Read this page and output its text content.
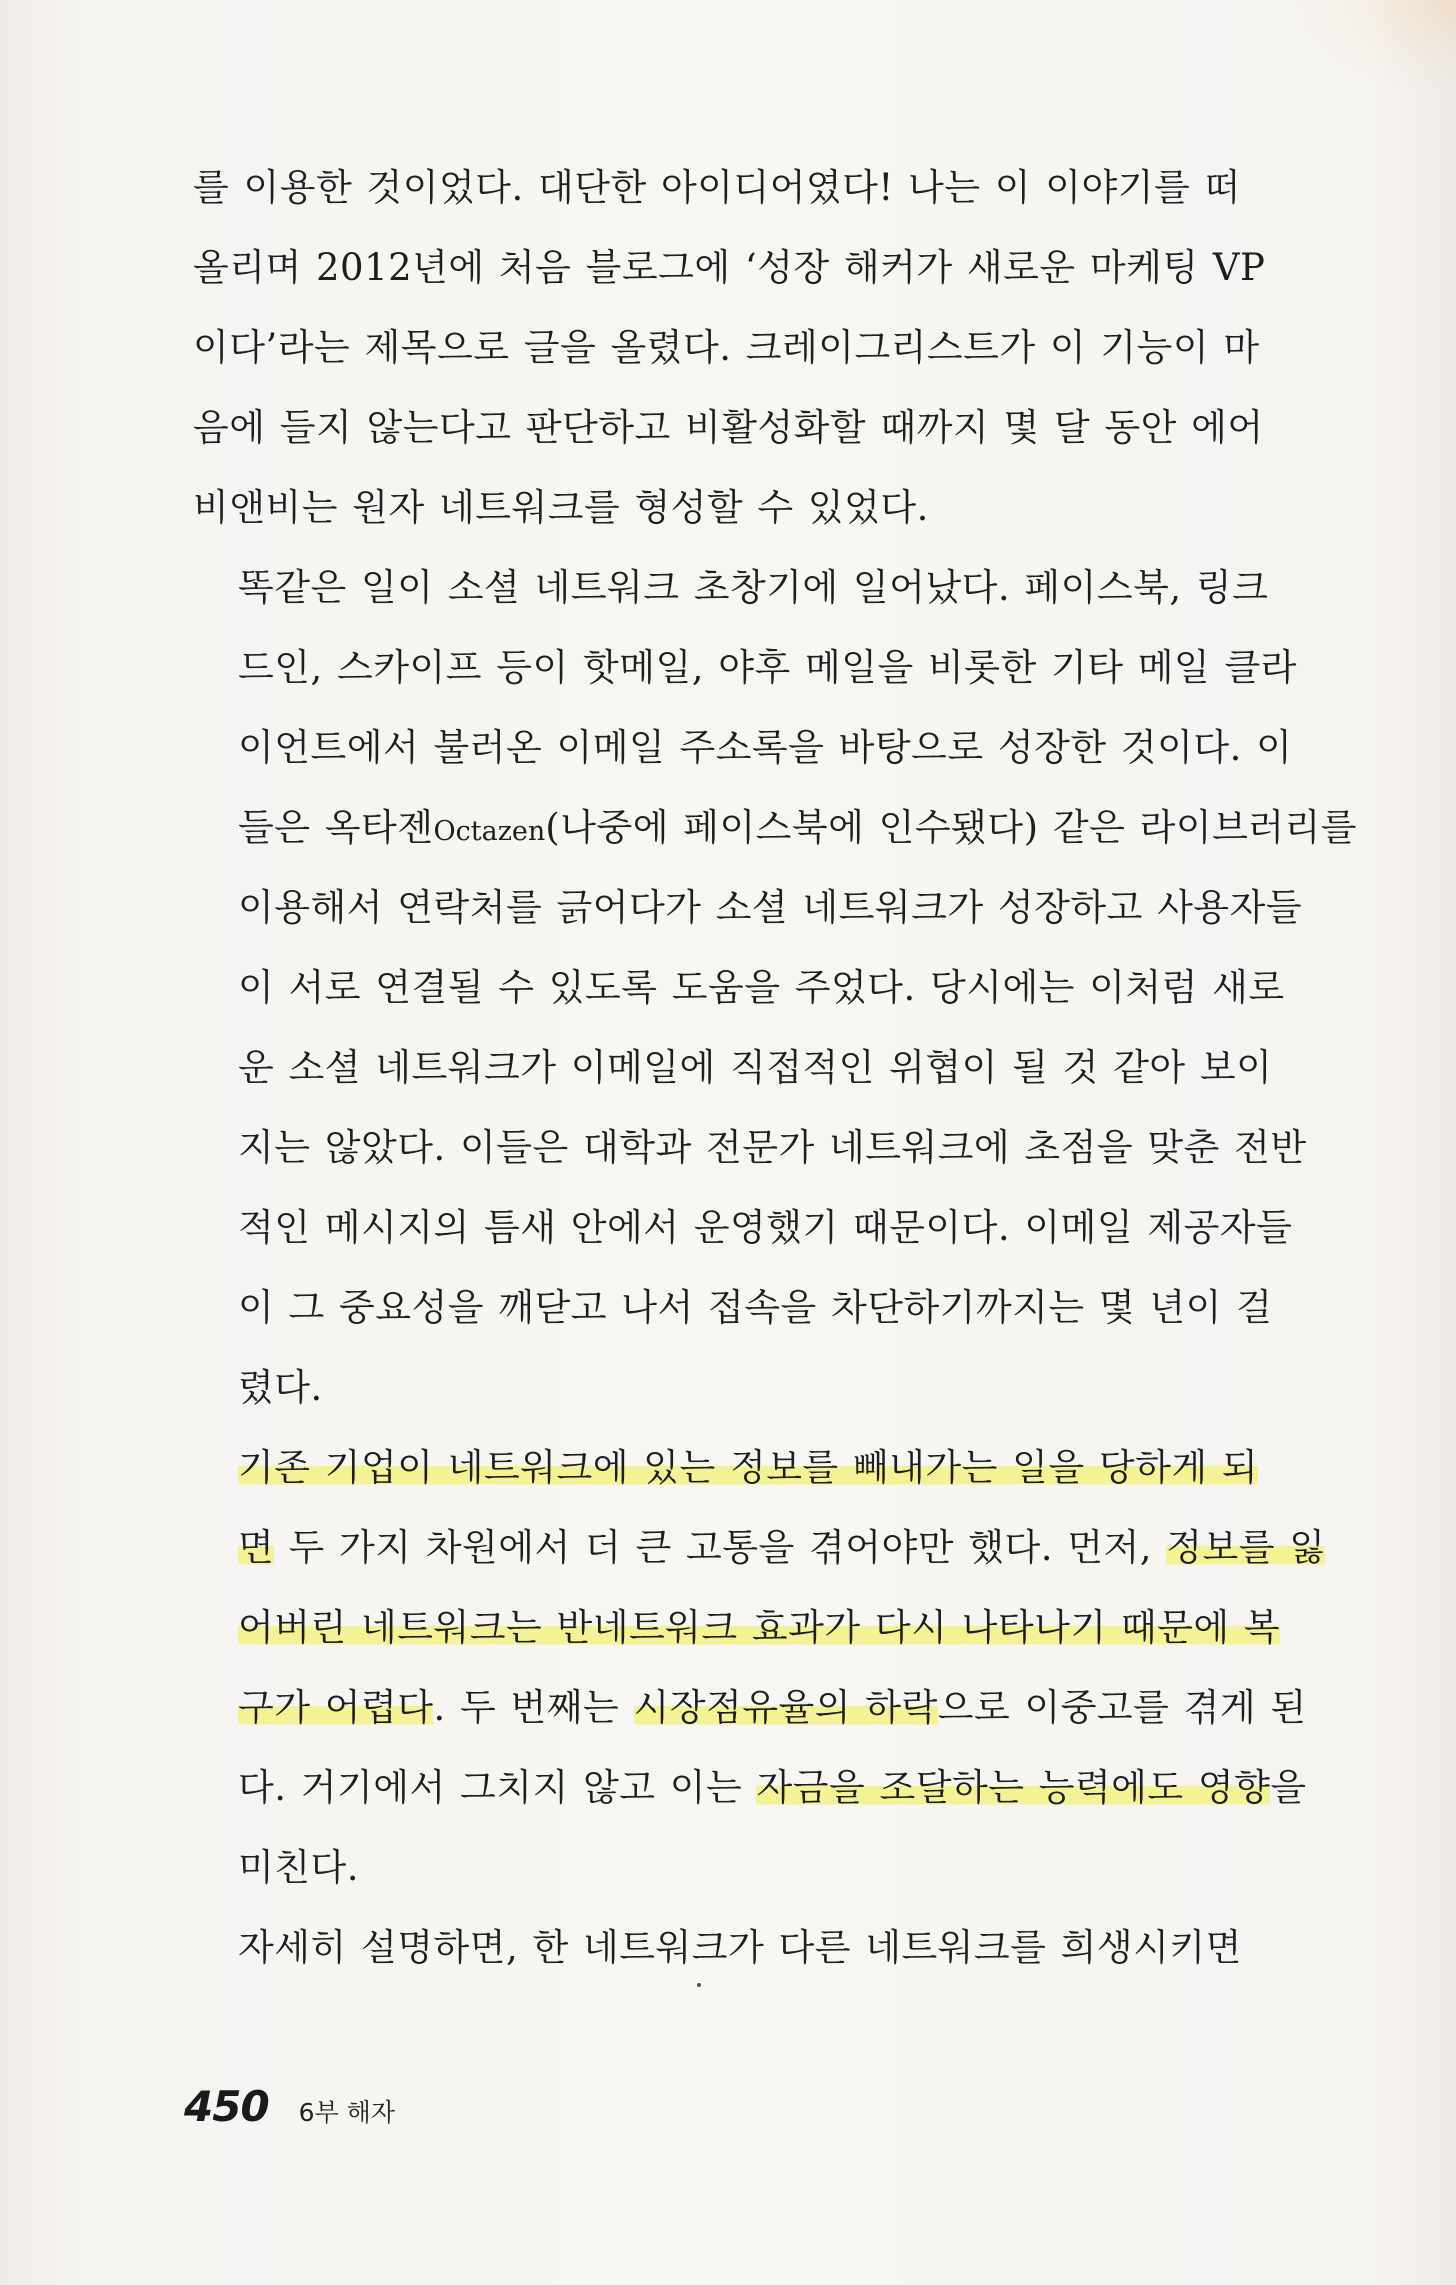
를 이용한 것이었다. 대단한 아이디어였다! 나는 이 이야기를 떠
올리며 2012년에 처음 블로그에 ‘성장 해커가 새로운 마케팅 VP
이다’라는 제목으로 글을 올렸다. 크레이그리스트가 이 기능이 마
음에 들지 않는다고 판단하고 비활성화할 때까지 몇 달 동안 에어
비앤비는 원자 네트워크를 형성할 수 있었다.

똑같은 일이 소셜 네트워크 초창기에 일어났다. 페이스북, 링크
드인, 스카이프 등이 핫메일, 야후 메일을 비롯한 기타 메일 클라
이언트에서 불러온 이메일 주소록을 바탕으로 성장한 것이다. 이
들은 옥타젠Octazen(나중에 페이스북에 인수됐다) 같은 라이브러리를
이용해서 연락처를 긁어다가 소셜 네트워크가 성장하고 사용자들
이 서로 연결될 수 있도록 도움을 주었다. 당시에는 이처럼 새로
운 소셜 네트워크가 이메일에 직접적인 위협이 될 것 같아 보이
지는 않았다. 이들은 대학과 전문가 네트워크에 초점을 맞춘 전반
적인 메시지의 틈새 안에서 운영했기 때문이다. 이메일 제공자들
이 그 중요성을 깨닫고 나서 접속을 차단하기까지는 몇 년이 걸
렸다.

기존 기업이 네트워크에 있는 정보를 빼내가는 일을 당하게 되
면 두 가지 차원에서 더 큰 고통을 겪어야만 했다. 먼저, 정보를 잃
어버린 네트워크는 반네트워크 효과가 다시 나타나기 때문에 복
구가 어렵다. 두 번째는 시장점유율의 하락으로 이중고를 겪게 된
다. 거기에서 그치지 않고 이는 자금을 조달하는 능력에도 영향을
미친다.

자세히 설명하면, 한 네트워크가 다른 네트워크를 희생시키면

450 6부 해자
